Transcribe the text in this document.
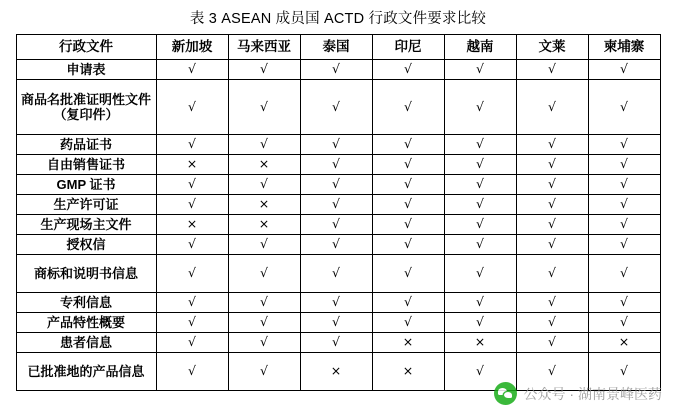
表 3 ASEAN 成员国 ACTD 行政文件要求比较
行政文件	新加坡	马来西亚	泰国	印尼	越南	文莱	柬埔寨
申请表	√	√	√	√	√	√	√
商品名批准证明性文件（复印件）	√	√	√	√	√	√	√
药品证书	√	√	√	√	√	√	√
自由销售证书	×	×	√	√	√	√	√
GMP 证书	√	√	√	√	√	√	√
生产许可证	√	×	√	√	√	√	√
生产现场主文件	×	×	√	√	√	√	√
授权信	√	√	√	√	√	√	√
商标和说明书信息	√	√	√	√	√	√	√
专利信息	√	√	√	√	√	√	√
产品特性概要	√	√	√	√	√	√	√
患者信息	√	√	√	×	×	√	×
已批准地的产品信息	√	√	×	×	√	√	√
公众号 · 湖南景峰医药
